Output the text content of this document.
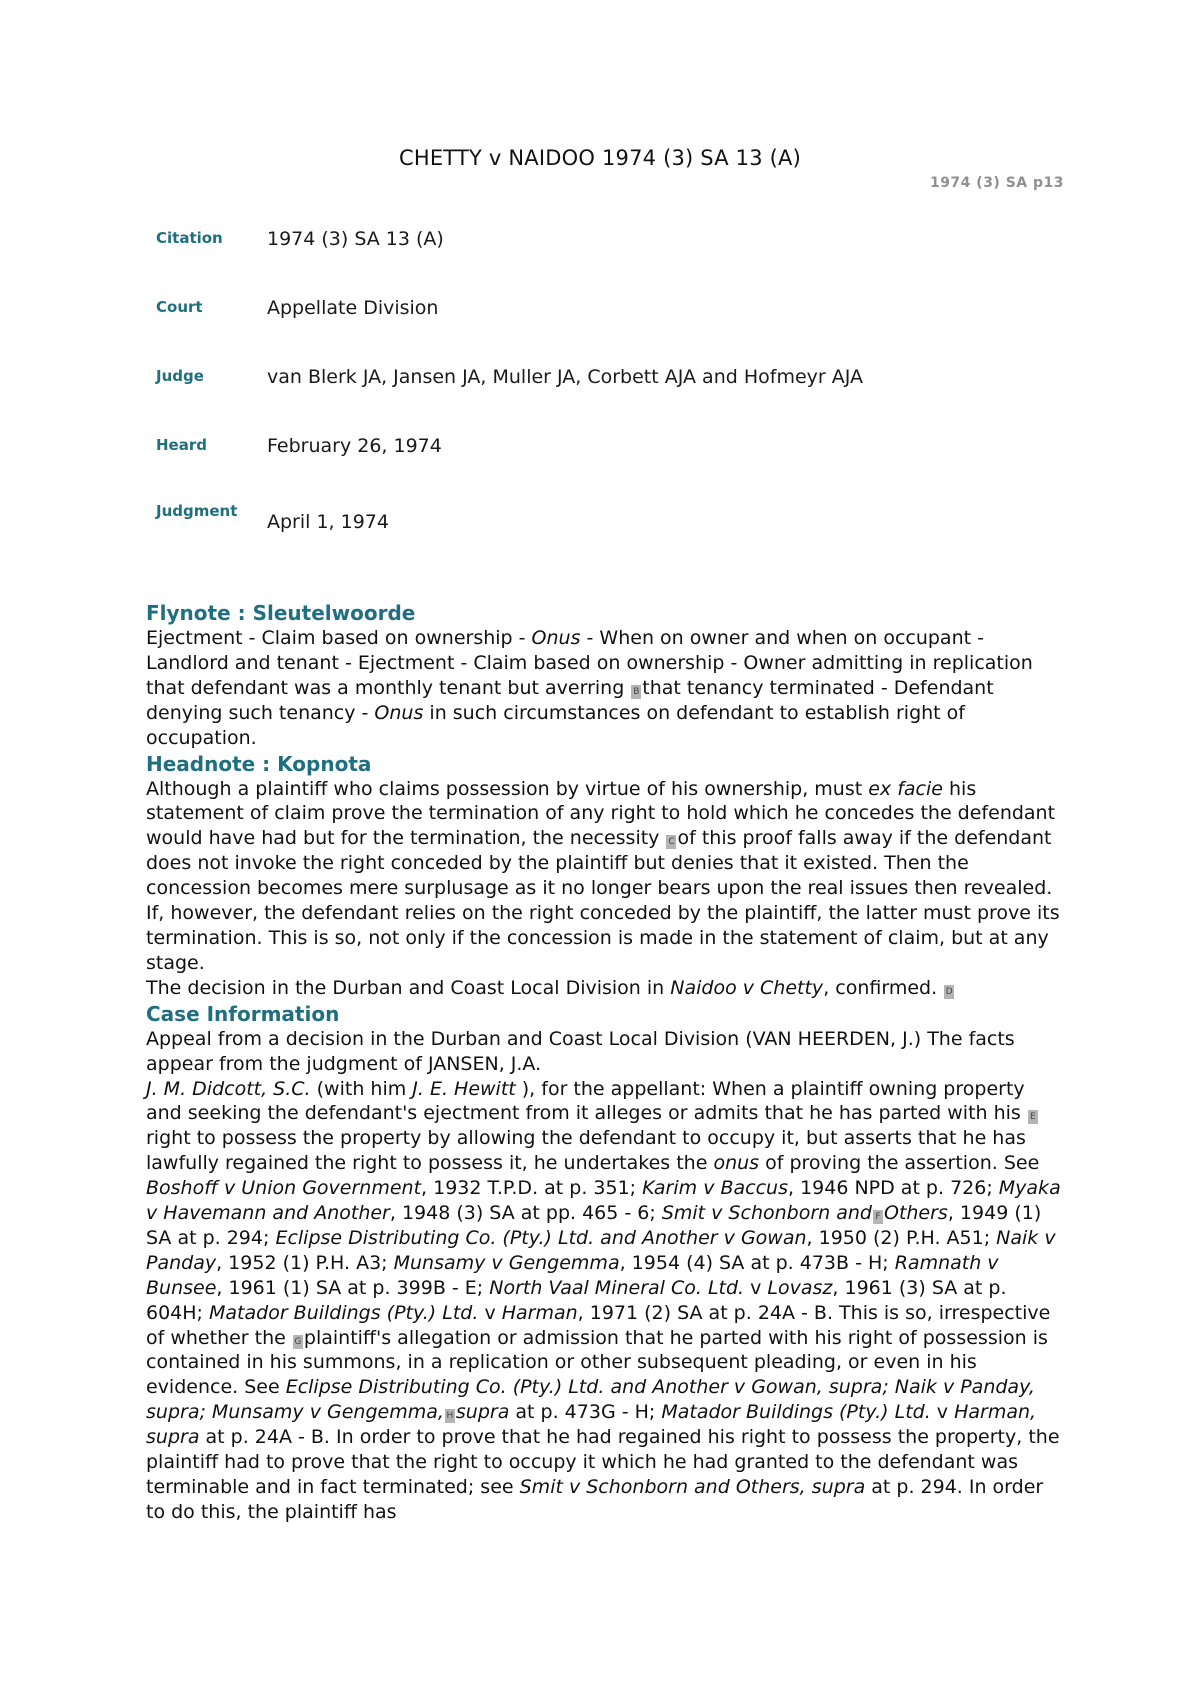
CHETTY v NAIDOO 1974 (3) SA 13 (A)
1974 (3) SA p13
Citation	1974 (3) SA 13 (A)
Court	Appellate Division
Judge	van Blerk JA, Jansen JA, Muller JA, Corbett AJA and Hofmeyr AJA
Heard	February 26, 1974
Judgment	April 1, 1974

Flynote : Sleutelwoorde

Ejectment - Claim based on ownership - Onus - When on owner and when on occupant - Landlord and tenant - Ejectment - Claim based on ownership - Owner admitting in replication that defendant was a monthly tenant but averring B that tenancy terminated - Defendant denying such tenancy - Onus in such circumstances on defendant to establish right of occupation.

Headnote : Kopnota

Although a plaintiff who claims possession by virtue of his ownership, must ex facie his statement of claim prove the termination of any right to hold which he concedes the defendant would have had but for the termination, the necessity C of this proof falls away if the defendant does not invoke the right conceded by the plaintiff but denies that it existed. Then the concession becomes mere surplusage as it no longer bears upon the real issues then revealed. If, however, the defendant relies on the right conceded by the plaintiff, the latter must prove its termination. This is so, not only if the concession is made in the statement of claim, but at any stage.

The decision in the Durban and Coast Local Division in Naidoo v Chetty, confirmed. D

Case Information

Appeal from a decision in the Durban and Coast Local Division (VAN HEERDEN, J.) The facts appear from the judgment of JANSEN, J.A.

J. M. Didcott, S.C. (with him J. E. Hewitt ), for the appellant: When a plaintiff owning property and seeking the defendant's ejectment from it alleges or admits that he has parted with his Eright to possess the property by allowing the defendant to occupy it, but asserts that he has lawfully regained the right to possess it, he undertakes the onus of proving the assertion. See Boshoff v Union Government, 1932 T.P.D. at p. 351; Karim v Baccus, 1946 NPD at p. 726; Myaka v Havemann and Another, 1948 (3) SA at pp. 465 - 6; Smit v Schonborn and F Others, 1949 (1) SA at p. 294; Eclipse Distributing Co. (Pty.) Ltd. and Another v Gowan, 1950 (2) P.H. A51; Naik v Panday, 1952 (1) P.H. A3; Munsamy v Gengemma, 1954 (4) SA at p. 473B - H; Ramnath v Bunsee, 1961 (1) SA at p. 399B - E; North Vaal Mineral Co. Ltd. v Lovasz, 1961 (3) SA at p. 604H; Matador Buildings (Pty.) Ltd. v Harman, 1971 (2) SA at p. 24A - B. This is so, irrespective of whether the G plaintiff's allegation or admission that he parted with his right of possession is contained in his summons, in a replication or other subsequent pleading, or even in his evidence. See Eclipse Distributing Co. (Pty.) Ltd. and Another v Gowan, supra; Naik v Panday, supra; Munsamy v Gengemma, H supra at p. 473G - H; Matador Buildings (Pty.) Ltd. v Harman, supra at p. 24A - B. In order to prove that he had regained his right to possess the property, the plaintiff had to prove that the right to occupy it which he had granted to the defendant was terminable and in fact terminated; see Smit v Schonborn and Others, supra at p. 294. In order to do this, the plaintiff has
